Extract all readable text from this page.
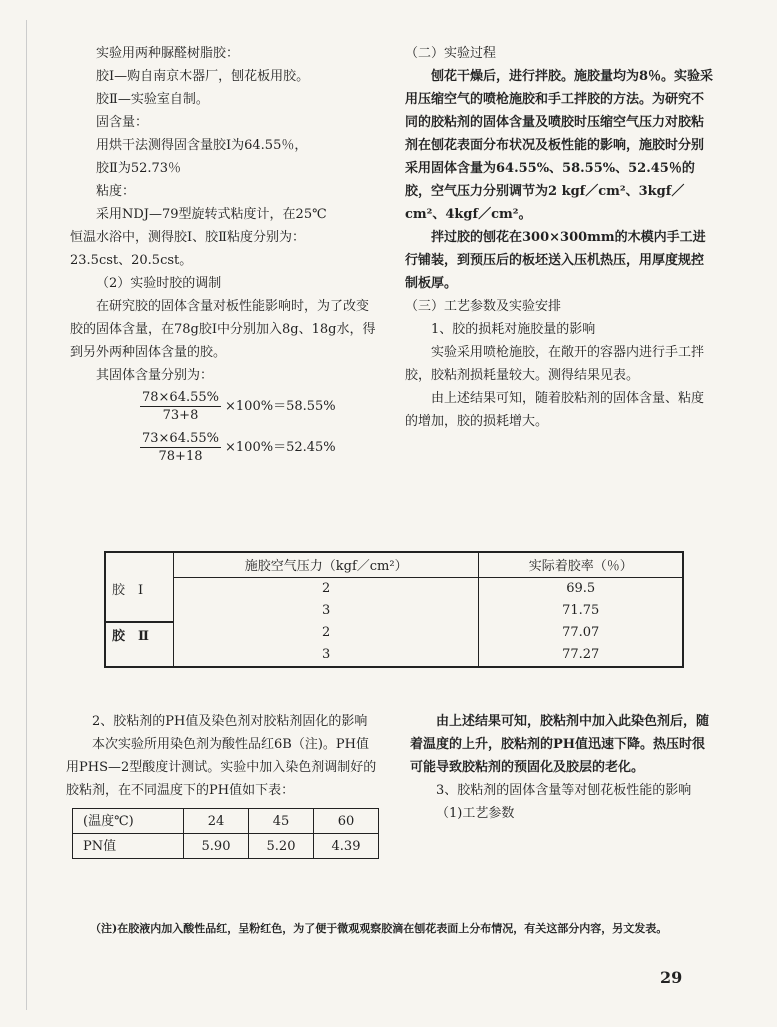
实验用两种脲醛树脂胶：

胶Ⅰ—购自南京木器厂，刨花板用胶。

胶Ⅱ—实验室自制。

固含量：

用烘干法测得固含量胶Ⅰ为64.55％，

胶Ⅱ为52.73％

粘度：

采用NDJ—79型旋转式粘度计，在25℃

恒温水浴中，测得胶Ⅰ、胶Ⅱ粘度分别为：

23.5cst、20.5cst。

（2）实验时胶的调制

在研究胶的固体含量对板性能影响时，为了改变胶的固体含量，在78g胶Ⅰ中分别加入8g、18g水，得到另外两种固体含量的胶。

其固体含量分别为：

$\frac{78\times 64.55\%}{73+8} \times 100\%=58.55\%$
$\frac{73\times 64.55\%}{78+18} \times 100\%=52.45\%$

（二）实验过程

刨花干燥后，进行拌胶。施胶量均为8％。实验采用压缩空气的喷枪施胶和手工拌胶的方法。为研究不同的胶粘剂的固体含量及喷胶时压缩空气压力对胶粘剂在刨花表面分布状况及板性能的影响，施胶时分别采用固体含量为64.55%、58.55%、52.45％的胶，空气压力分别调节为2 kgf／cm²、3kgf／cm²、4kgf／cm²。

拌过胶的刨花在300×300mm的木模内手工进行铺装，到预压后的板坯送入压机热压，用厚度规控制板厚。

（三）工艺参数及实验安排

1、胶的损耗对施胶量的影响

实验采用喷枪施胶，在敞开的容器内进行手工拌胶，胶粘剂损耗量较大。测得结果见表。

由上述结果可知，随着胶粘剂的固体含量、粘度的增加，胶的损耗增大。

	施胶空气压力（kgf／cm²）	实际着胶率（％）
胶　Ⅰ	2	69.5
	3	71.75
胶　Ⅱ	2	77.07
	3	77.27

2、胶粘剂的PH值及染色剂对胶粘剂固化的影响

本次实验所用染色剂为酸性品红6B（注)。PH值用PHS—2型酸度计测试。实验中加入染色剂调制好的胶粘剂，在不同温度下的PH值如下表：

(温度℃)	24	45	60
PN值	5.90	5.20	4.39

由上述结果可知，胶粘剂中加入此染色剂后，随着温度的上升，胶粘剂的PH值迅速下降。热压时很可能导致胶粘剂的预固化及胶层的老化。

3、胶粘剂的固体含量等对刨花板性能的影响

（1)工艺参数

（注)在胶液内加入酸性品红，呈粉红色，为了便于微观观察胶滴在刨花表面上分布情况，有关这部分内容，另文发表。
29
